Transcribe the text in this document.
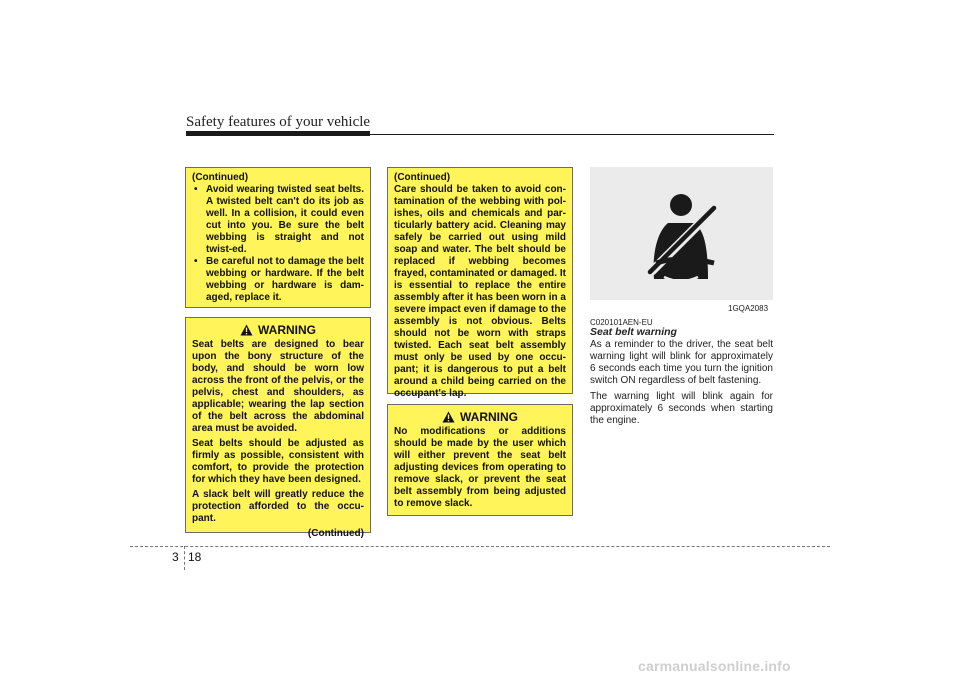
Safety features of your vehicle

(Continued)

• Avoid wearing twisted seat belts. A twisted belt can't do its job as well. In a collision, it could even cut into you. Be sure the belt webbing is straight and not twist-ed.
• Be careful not to damage the belt webbing or hardware. If the belt webbing or hardware is dam-aged, replace it.
WARNING

Seat belts are designed to bear upon the bony structure of the body, and should be worn low across the front of the pelvis, or the pelvis, chest and shoulders, as applicable; wearing the lap section of the belt across the abdominal area must be avoided.

Seat belts should be adjusted as firmly as possible, consistent with comfort, to provide the protection for which they have been designed.

A slack belt will greatly reduce the protection afforded to the occu-pant.

(Continued)

(Continued)

Care should be taken to avoid con-tamination of the webbing with pol-ishes, oils and chemicals and par-ticularly battery acid. Cleaning may safely be carried out using mild soap and water. The belt should be replaced if webbing becomes frayed, contaminated or damaged. It is essential to replace the entire assembly after it has been worn in a severe impact even if damage to the assembly is not obvious. Belts should not be worn with straps twisted. Each seat belt assembly must only be used by one occu-pant; it is dangerous to put a belt around a child being carried on the occupant's lap.

WARNING

No modifications or additions should be made by the user which will either prevent the seat belt adjusting devices from operating to remove slack, or prevent the seat belt assembly from being adjusted to remove slack.

1GQA2083
C020101AEN-EU
Seat belt warning

As a reminder to the driver, the seat belt warning light will blink for approximately 6 seconds each time you turn the ignition switch ON regardless of belt fastening.

The warning light will blink again for approximately 6 seconds when starting the engine.

3 18
carmanualsonline.info
